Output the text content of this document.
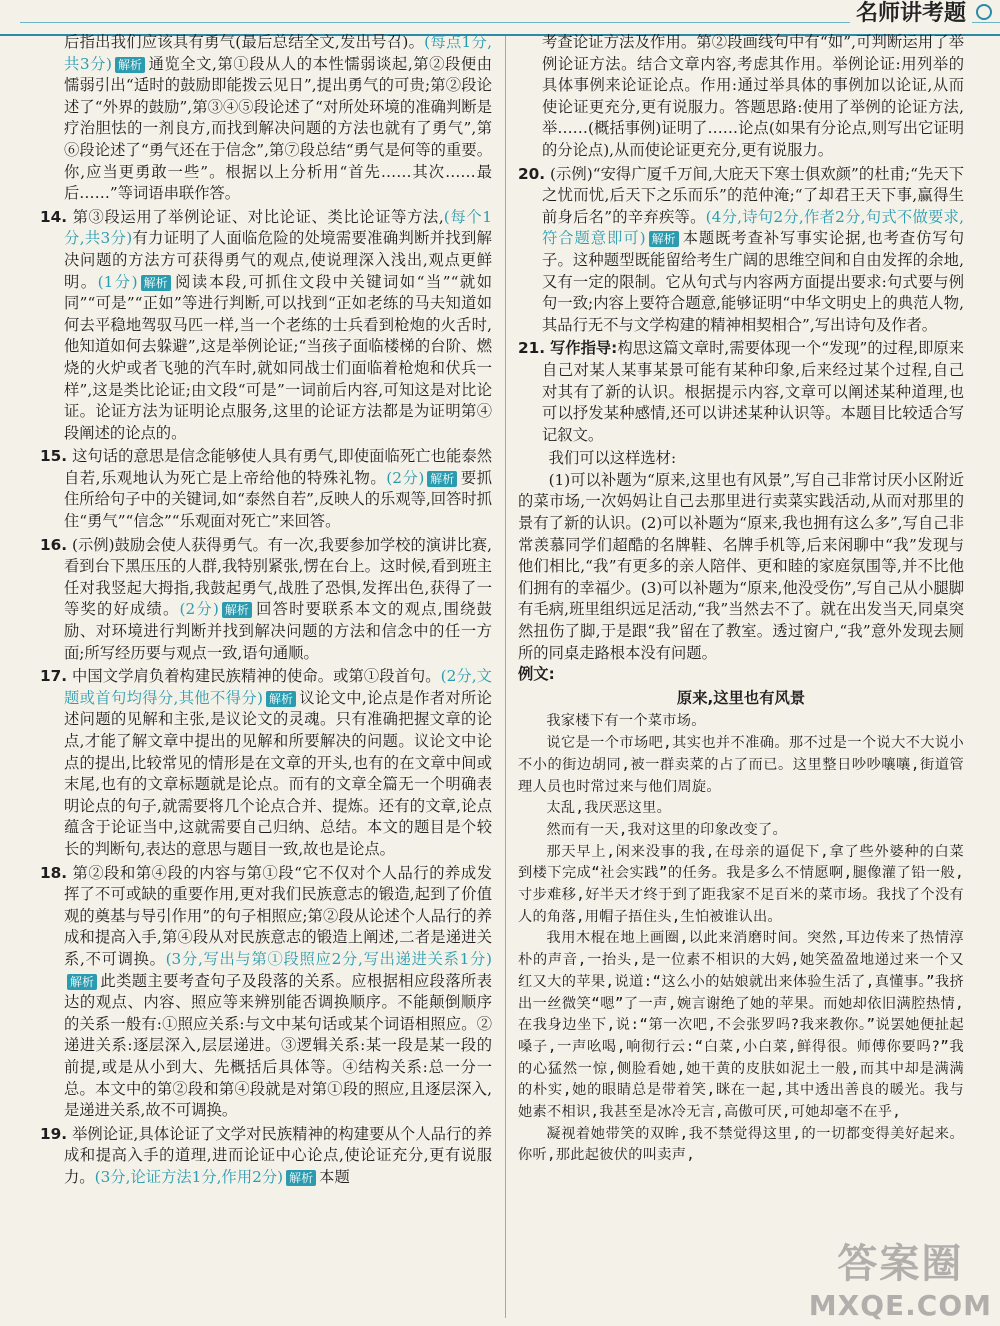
名师讲考题

后指出我们应该具有勇气(最后总结全文,发出号召)。(每点1分,共3分) 解析 通览全文,第①段从人的本性懦弱谈起,第②段便由懦弱引出“适时的鼓励即能拨云见日”,提出勇气的可贵;第②段论述了“外界的鼓励”,第③④⑤段论述了“对所处环境的准确判断是疗治胆怯的一剂良方,而找到解决问题的方法也就有了勇气”,第⑥段论述了“勇气还在于信念”,第⑦段总结“勇气是何等的重要。你,应当更勇敢一些”。根据以上分析用“首先……其次……最后……”等词语串联作答。

14. 第③段运用了举例论证、对比论证、类比论证等方法,(每个1分,共3分)有力证明了人面临危险的处境需要准确判断并找到解决问题的方法方可获得勇气的观点,使说理深入浅出,观点更鲜明。(1分) 解析 阅读本段,可抓住文段中关键词如“当”“就如同”“可是”“正如”等进行判断,可以找到“正如老练的马夫知道如何去平稳地驾驭马匹一样,当一个老练的士兵看到枪炮的火舌时,他知道如何去躲避”,这是举例论证;“当孩子面临楼梯的台阶、燃烧的火炉或者飞驰的汽车时,就如同战士们面临着枪炮和伏兵一样”,这是类比论证;由文段“可是”一词前后内容,可知这是对比论证。论证方法为证明论点服务,这里的论证方法都是为证明第④段阐述的论点的。

15. 这句话的意思是信念能够使人具有勇气,即使面临死亡也能泰然自若,乐观地认为死亡是上帝给他的特殊礼物。(2分) 解析 要抓住所给句子中的关键词,如“泰然自若”,反映人的乐观等,回答时抓住“勇气”“信念”“乐观面对死亡”来回答。

16. (示例)鼓励会使人获得勇气。有一次,我要参加学校的演讲比赛,看到台下黑压压的人群,我特别紧张,愣在台上。这时候,看到班主任对我竖起大拇指,我鼓起勇气,战胜了恐惧,发挥出色,获得了一等奖的好成绩。(2分) 解析 回答时要联系本文的观点,围绕鼓励、对环境进行判断并找到解决问题的方法和信念中的任一方面;所写经历要与观点一致,语句通顺。

17. 中国文学肩负着构建民族精神的使命。或第①段首句。(2分,文题或首句均得分,其他不得分) 解析 议论文中,论点是作者对所论述问题的见解和主张,是议论文的灵魂。只有准确把握文章的论点,才能了解文章中提出的见解和所要解决的问题。议论文中论点的提出,比较常见的情形是在文章的开头,也有的在文章中间或末尾,也有的文章标题就是论点。而有的文章全篇无一个明确表明论点的句子,就需要将几个论点合并、提炼。还有的文章,论点蕴含于论证当中,这就需要自己归纳、总结。本文的题目是个较长的判断句,表达的意思与题目一致,故也是论点。

18. 第②段和第④段的内容与第①段“它不仅对个人品行的养成发挥了不可或缺的重要作用,更对我们民族意志的锻造,起到了价值观的奠基与导引作用”的句子相照应;第②段从论述个人品行的养成和提高入手,第④段从对民族意志的锻造上阐述,二者是递进关系,不可调换。(3分,写出与第①段照应2分,写出递进关系1分)解析 此类题主要考查句子及段落的关系。应根据相应段落所表达的观点、内容、照应等来辨别能否调换顺序。不能颠倒顺序的关系一般有:①照应关系:与文中某句话或某个词语相照应。②递进关系:逐层深入,层层递进。③逻辑关系:某一段是某一段的前提,或是从小到大、先概括后具体等。④结构关系:总一分一总。本文中的第②段和第④段就是对第①段的照应,且逐层深入,是递进关系,故不可调换。

19. 举例论证,具体论证了文学对民族精神的构建要从个人品行的养成和提高入手的道理,进而论证中心论点,使论证充分,更有说服力。(3分,论证方法1分,作用2分) 解析 本题

考查论证方法及作用。第②段画线句中有“如”,可判断运用了举例论证方法。结合文章内容,考虑其作用。举例论证:用列举的具体事例来论证论点。作用:通过举具体的事例加以论证,从而使论证更充分,更有说服力。答题思路:使用了举例的论证方法,举……(概括事例)证明了……论点(如果有分论点,则写出它证明的分论点),从而使论证更充分,更有说服力。

20. (示例)“安得广厦千万间,大庇天下寒士俱欢颜”的杜甫;“先天下之忧而忧,后天下之乐而乐”的范仲淹;“了却君王天下事,赢得生前身后名”的辛弃疾等。(4分,诗句2分,作者2分,句式不做要求,符合题意即可) 解析 本题既考查补写事实论据,也考查仿写句子。这种题型既能留给考生广阔的思维空间和自由发挥的余地,又有一定的限制。它从句式与内容两方面提出要求:句式要与例句一致;内容上要符合题意,能够证明“中华文明史上的典范人物,其品行无不与文学构建的精神相契相合”,写出诗句及作者。

21. 写作指导:构思这篇文章时,需要体现一个“发现”的过程,即原来自己对某人某事某景可能有某种印象,后来经过某个过程,自己对其有了新的认识。根据提示内容,文章可以阐述某种道理,也可以抒发某种感情,还可以讲述某种认识等。本题目比较适合写记叙文。

我们可以这样选材:

(1)可以补题为“原来,这里也有风景”,写自己非常讨厌小区附近的菜市场,一次妈妈让自己去那里进行卖菜实践活动,从而对那里的景有了新的认识。(2)可以补题为“原来,我也拥有这么多”,写自己非常羡慕同学们超酷的名牌鞋、名牌手机等,后来闲聊中“我”发现与他们相比,“我”有更多的亲人陪伴、更和睦的家庭氛围等,并不比他们拥有的幸福少。(3)可以补题为“原来,他没受伤”,写自己从小腿脚有毛病,班里组织远足活动,“我”当然去不了。就在出发当天,同桌突然扭伤了脚,于是跟“我”留在了教室。透过窗户,“我”意外发现去厕所的同桌走路根本没有问题。

例文:

原来,这里也有风景

我家楼下有一个菜市场。

说它是一个市场吧,其实也并不准确。那不过是一个说大不大说小不小的街边胡同,被一群卖菜的占了而已。这里整日吵吵嚷嚷,街道管理人员也时常过来与他们周旋。

太乱,我厌恶这里。

然而有一天,我对这里的印象改变了。

那天早上,闲来没事的我,在母亲的逼促下,拿了些外婆种的白菜到楼下完成“社会实践”的任务。我是多么不情愿啊,腿像灌了铅一般,寸步难移,好半天才终于到了距我家不足百米的菜市场。我找了个没有人的角落,用帽子捂住头,生怕被谁认出。

我用木棍在地上画圈,以此来消磨时间。突然,耳边传来了热情淳朴的声音,一抬头,是一位素不相识的大妈,她笑盈盈地递过来一个又红又大的苹果,说道:“这么小的姑娘就出来体验生活了,真懂事。”我挤出一丝微笑“嗯”了一声,婉言谢绝了她的苹果。而她却依旧满腔热情,在我身边坐下,说:“第一次吧,不会张罗吗?我来教你。”说罢她便扯起嗓子,一声吆喝,响彻行云:“白菜,小白菜,鲜得很。师傅你要吗?”我的心猛然一惊,侧脸看她,她干黄的皮肤如泥土一般,而其中却是满满的朴实,她的眼睛总是带着笑,眯在一起,其中透出善良的暖光。我与她素不相识,我甚至是冰冷无言,高傲可厌,可她却毫不在乎,

凝视着她带笑的双眸,我不禁觉得这里,的一切都变得美好起来。你听,那此起彼伏的叫卖声,

答案圈
MXQE.COM
